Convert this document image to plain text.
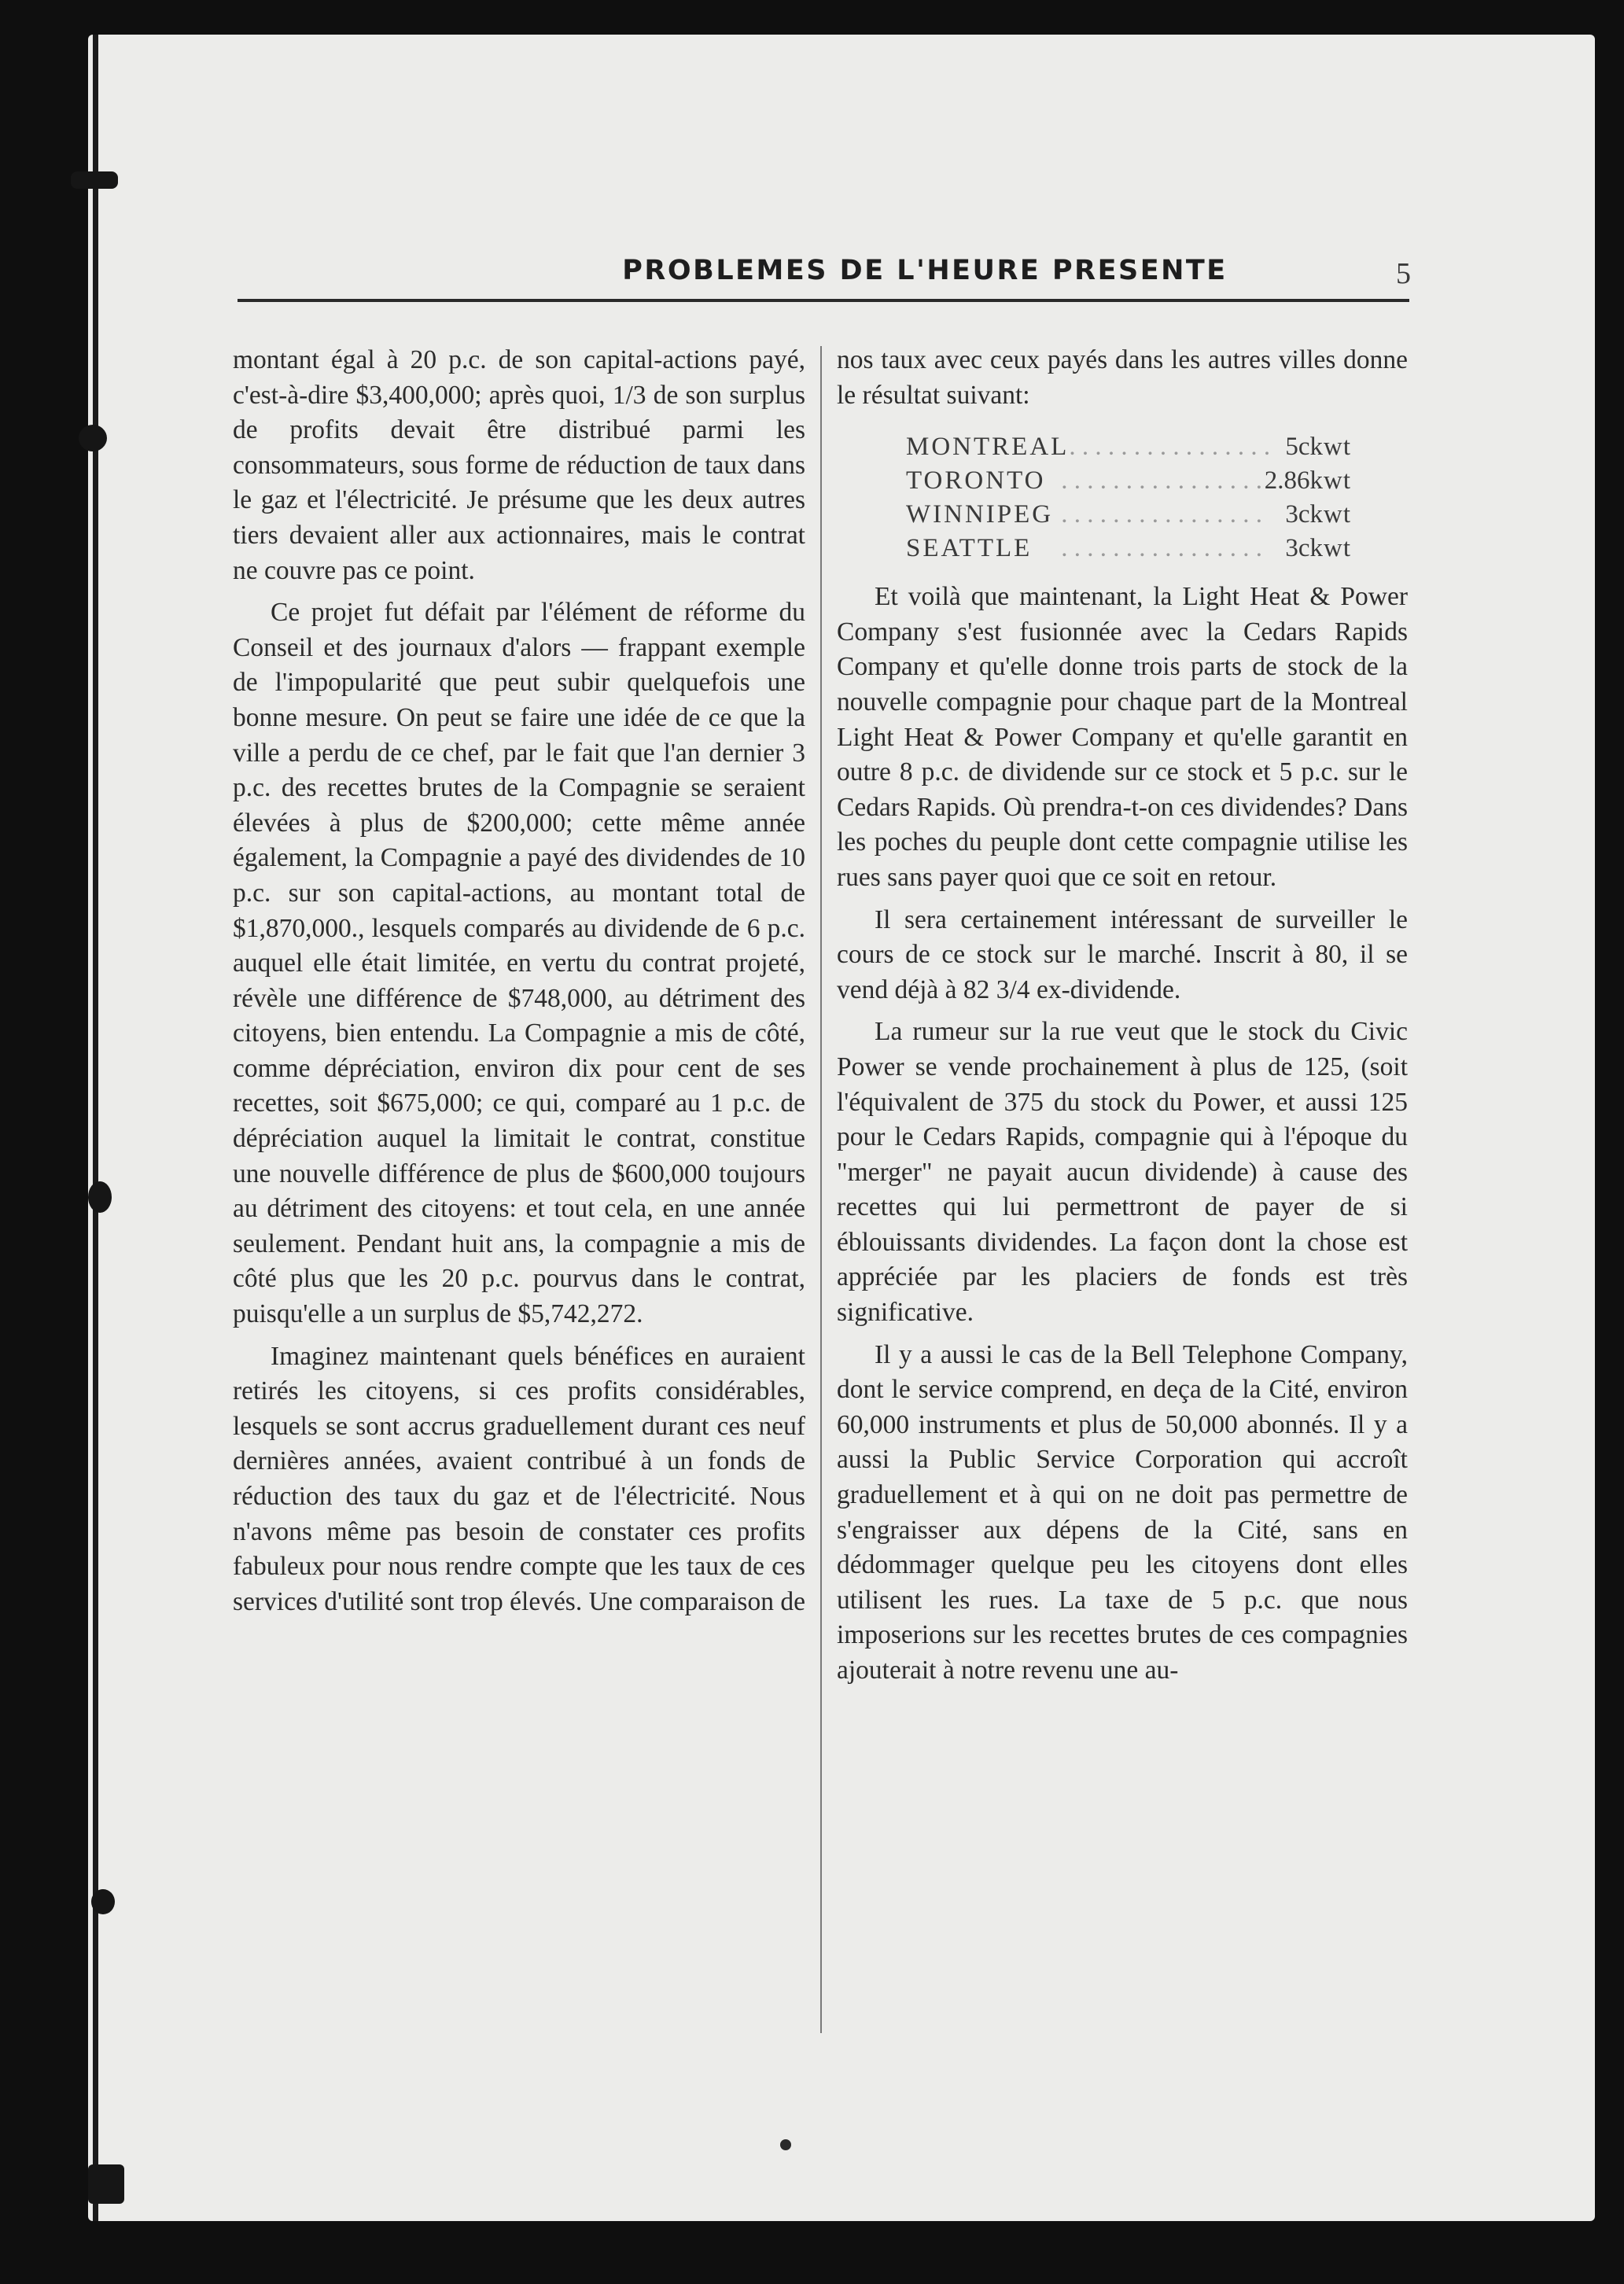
PROBLEMES DE L'HEURE PRESENTE	5

montant égal à 20 p.c. de son capital-actions payé, c'est-à-dire $3,400,000; après quoi, 1/3 de son surplus de profits devait être distribué parmi les consommateurs, sous forme de réduction de taux dans le gaz et l'électricité. Je présume que les deux autres tiers devaient aller aux actionnaires, mais le contrat ne couvre pas ce point.

Ce projet fut défait par l'élément de réforme du Conseil et des journaux d'alors — frappant exemple de l'impopularité que peut subir quelquefois une bonne mesure. On peut se faire une idée de ce que la ville a perdu de ce chef, par le fait que l'an dernier 3 p.c. des recettes brutes de la Compagnie se seraient élevées à plus de $200,000; cette même année également, la Compagnie a payé des dividendes de 10 p.c. sur son capital-actions, au montant total de $1,870,000., lesquels comparés au dividende de 6 p.c. auquel elle était limitée, en vertu du contrat projeté, révèle une différence de $748,000, au détriment des citoyens, bien entendu. La Compagnie a mis de côté, comme dépréciation, environ dix pour cent de ses recettes, soit $675,000; ce qui, comparé au 1 p.c. de dépréciation auquel la limitait le contrat, constitue une nouvelle différence de plus de $600,000 toujours au détriment des citoyens: et tout cela, en une année seulement. Pendant huit ans, la compagnie a mis de côté plus que les 20 p.c. pourvus dans le contrat, puisqu'elle a un surplus de $5,742,272.

Imaginez maintenant quels bénéfices en auraient retirés les citoyens, si ces profits considérables, lesquels se sont accrus graduellement durant ces neuf dernières années, avaient contribué à un fonds de réduction des taux du gaz et de l'électricité. Nous n'avons même pas besoin de constater ces profits fabuleux pour nous rendre compte que les taux de ces services d'utilité sont trop élevés. Une comparaison de

nos taux avec ceux payés dans les autres villes donne le résultat suivant:

MONTREAL . . . . . . . . . . . . . . . . 5c kwt
TORONTO . . . . . . . . . . . . . . . . 2.86 kwt
WINNIPEG . . . . . . . . . . . . . . . . 3c kwt
SEATTLE	. . . . . . . . . . . . . . . . 3c kwt

Et voilà que maintenant, la Light Heat & Power Company s'est fusionnée avec la Cedars Rapids Company et qu'elle donne trois parts de stock de la nouvelle compagnie pour chaque part de la Montreal Light Heat & Power Company et qu'elle garantit en outre 8 p.c. de dividende sur ce stock et 5 p.c. sur le Cedars Rapids. Où prendra-t-on ces dividendes? Dans les poches du peuple dont cette compagnie utilise les rues sans payer quoi que ce soit en retour.

Il sera certainement intéressant de surveiller le cours de ce stock sur le marché. Inscrit à 80, il se vend déjà à 82 3/4 ex-dividende.

La rumeur sur la rue veut que le stock du Civic Power se vende prochainement à plus de 125, (soit l'équivalent de 375 du stock du Power, et aussi 125 pour le Cedars Rapids, compagnie qui à l'époque du "merger" ne payait aucun dividende) à cause des recettes qui lui permettront de payer de si éblouissants dividendes. La façon dont la chose est appréciée par les placiers de fonds est très significative.

Il y a aussi le cas de la Bell Telephone Company, dont le service comprend, en deça de la Cité, environ 60,000 instruments et plus de 50,000 abonnés. Il y a aussi la Public Service Corporation qui accroît graduellement et à qui on ne doit pas permettre de s'engraisser aux dépens de la Cité, sans en dédommager quelque peu les citoyens dont elles utilisent les rues. La taxe de 5 p.c. que nous imposerions sur les recettes brutes de ces compagnies ajouterait à notre revenu une au-
